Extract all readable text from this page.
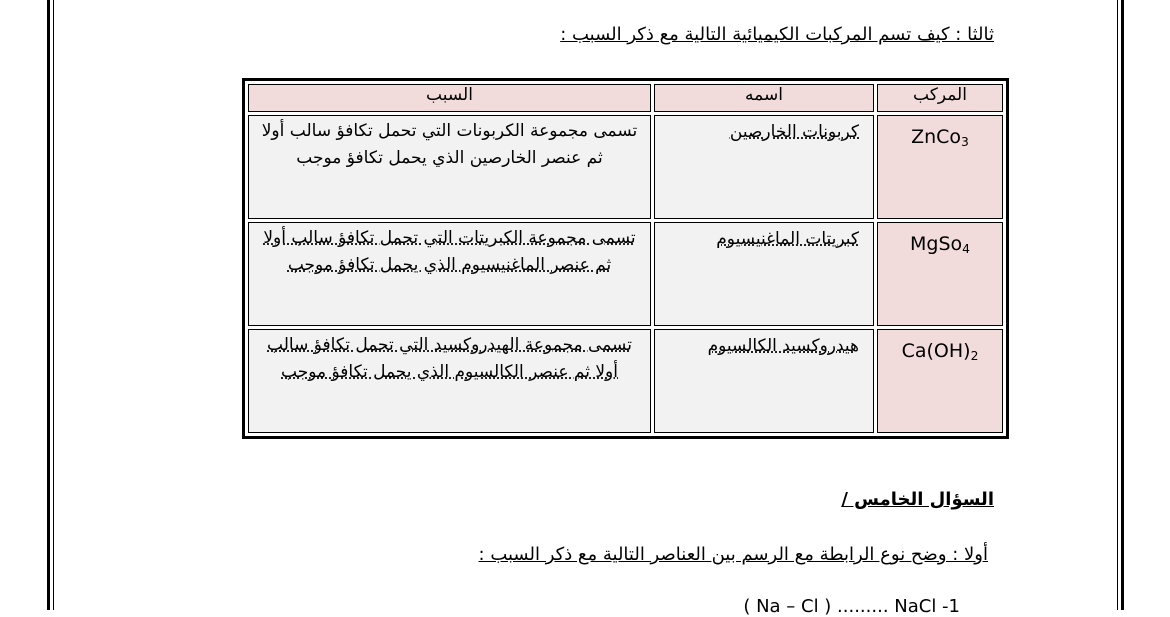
ثالثا : كيف تسم المركبات الكيميائية التالية مع ذكر السبب :
المركب	اسمه	السبب
ZnCo$_3$	كربونات الخارصين	تسمى مجموعة الكربونات التي تحمل تكافؤ سالب أولا ثم عنصر الخارصين الذي يحمل تكافؤ موجب
MgSo$_4$	كبريتات الماغنيسيوم	تسمى مجموعة الكبريتات التي تحمل تكافؤ سالب أولا ثم عنصر الماغنيسيوم الذي يحمل تكافؤ موجب
$Ca(OH)_2$	هيدروكسيد الكالسيوم	تسمى مجموعة الهيدروكسيد التي تحمل تكافؤ سالب أولا ثم عنصر الكالسيوم الذي يحمل تكافؤ موجب
السؤال الخامس /
أولا : وضح نوع الرابطة مع الرسم بين العناصر التالية مع ذكر السبب :
( Na – Cl ) ......... NaCl -1
